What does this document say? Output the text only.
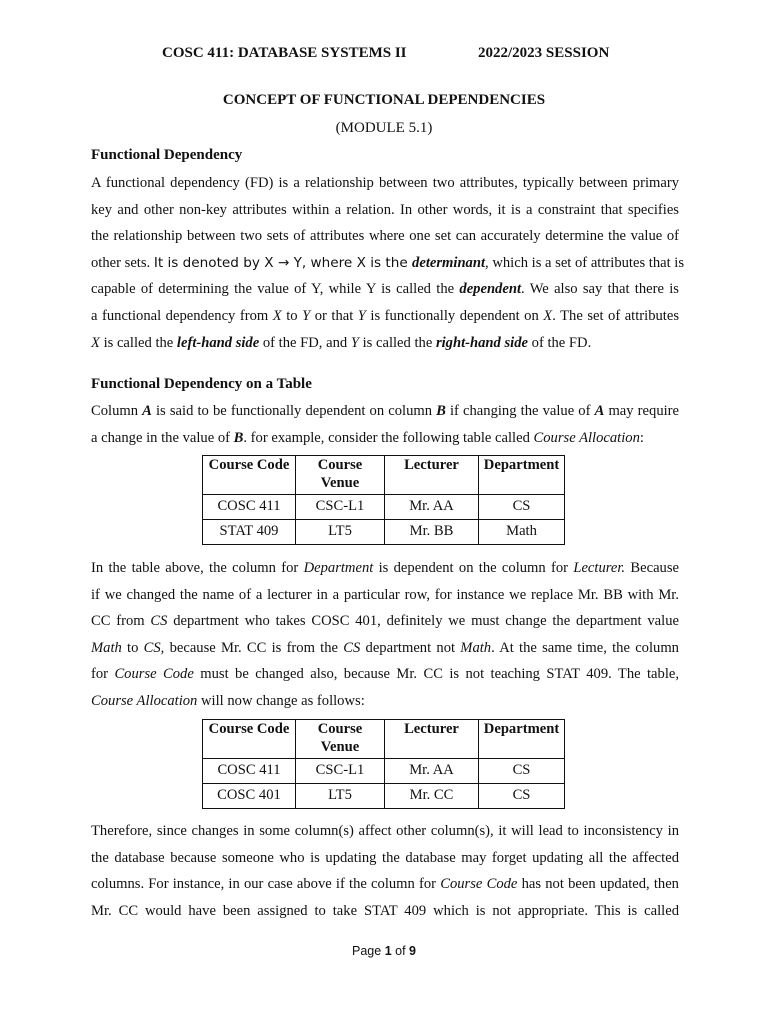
COSC 411: DATABASE SYSTEMS II	2022/2023 SESSION
CONCEPT OF FUNCTIONAL DEPENDENCIES
(MODULE 5.1)
Functional Dependency
A functional dependency (FD) is a relationship between two attributes, typically between primary
key and other non-key attributes within a relation. In other words, it is a constraint that specifies
the relationship between two sets of attributes where one set can accurately determine the value of
other sets. It is denoted by X → Y, where X is the determinant, which is a set of attributes that is
capable of determining the value of Y, while Y is called the dependent. We also say that there is
a functional dependency from X to Y or that Y is functionally dependent on X. The set of attributes
X is called the left-hand side of the FD, and Y is called the right-hand side of the FD.
Functional Dependency on a Table
Column A is said to be functionally dependent on column B if changing the value of A may require
a change in the value of B. for example, consider the following table called Course Allocation:
Course Code	Course Venue	Lecturer	Department
COSC 411	CSC-L1	Mr. AA	CS
STAT 409	LT5	Mr. BB	Math
In the table above, the column for Department is dependent on the column for Lecturer. Because
if we changed the name of a lecturer in a particular row, for instance we replace Mr. BB with Mr.
CC from CS department who takes COSC 401, definitely we must change the department value
Math to CS, because Mr. CC is from the CS department not Math. At the same time, the column
for Course Code must be changed also, because Mr. CC is not teaching STAT 409. The table,
Course Allocation will now change as follows:
Course Code	Course Venue	Lecturer	Department
COSC 411	CSC-L1	Mr. AA	CS
COSC 401	LT5	Mr. CC	CS
Therefore, since changes in some column(s) affect other column(s), it will lead to inconsistency in
the database because someone who is updating the database may forget updating all the affected
columns. For instance, in our case above if the column for Course Code has not been updated, then
Mr. CC would have been assigned to take STAT 409 which is not appropriate. This is called
Page 1 of 9
